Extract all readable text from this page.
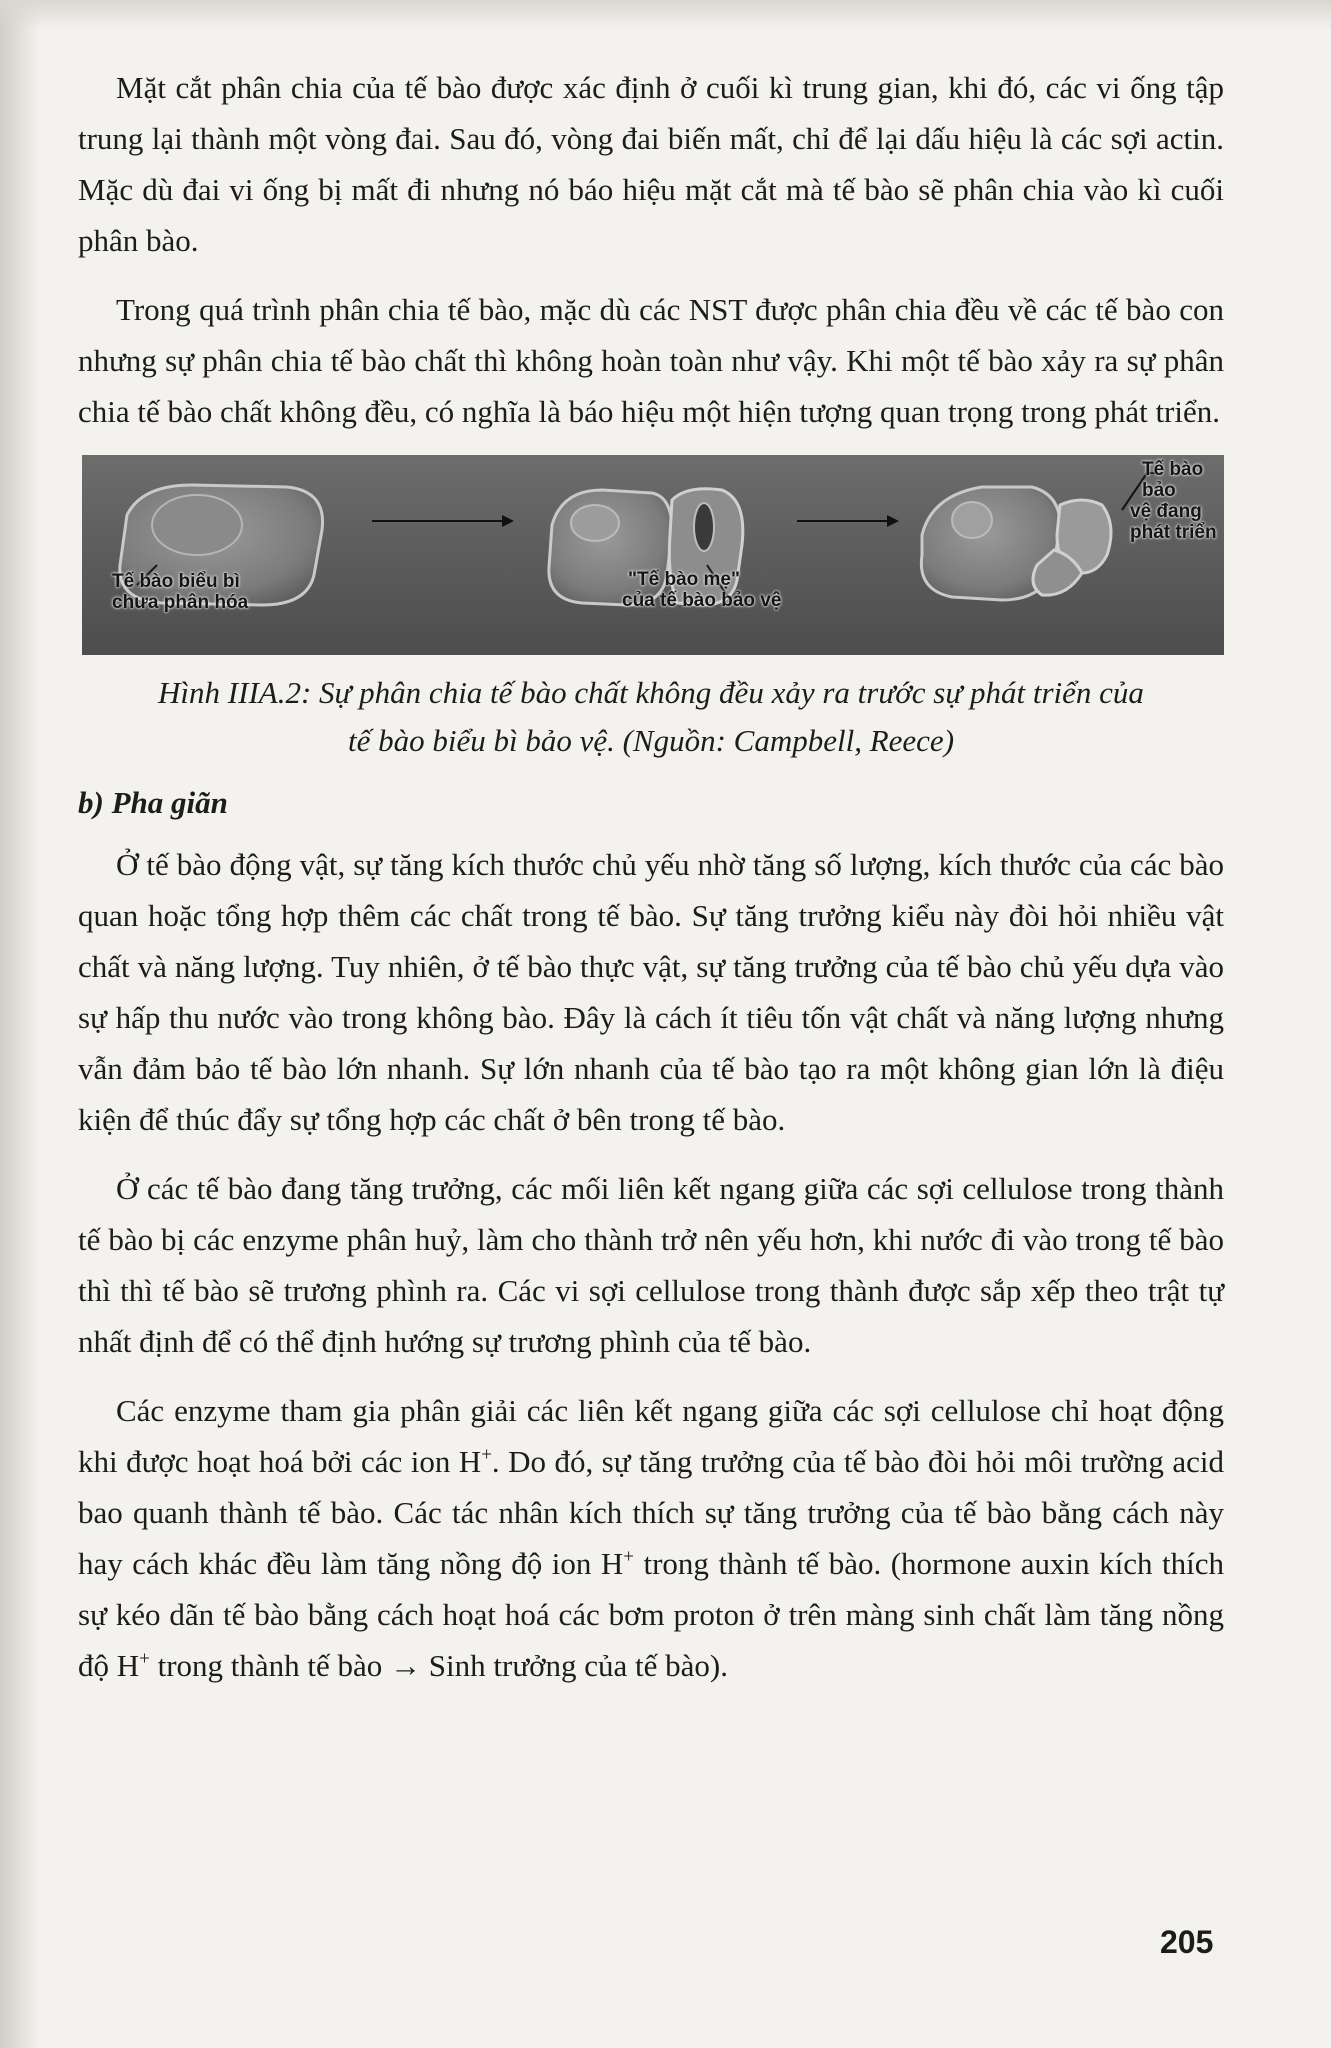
Mặt cắt phân chia của tế bào được xác định ở cuối kì trung gian, khi đó, các vi ống tập trung lại thành một vòng đai. Sau đó, vòng đai biến mất, chỉ để lại dấu hiệu là các sợi actin. Mặc dù đai vi ống bị mất đi nhưng nó báo hiệu mặt cắt mà tế bào sẽ phân chia vào kì cuối phân bào.

Trong quá trình phân chia tế bào, mặc dù các NST được phân chia đều về các tế bào con nhưng sự phân chia tế bào chất thì không hoàn toàn như vậy. Khi một tế bào xảy ra sự phân chia tế bào chất không đều, có nghĩa là báo hiệu một hiện tượng quan trọng trong phát triển.

Tế bào biểu bì
chưa phân hóa
"Tế bào mẹ"
của tế bào bảo vệ
Tế bào bảo
vệ đang
phát triển
Hình IIIA.2: Sự phân chia tế bào chất không đều xảy ra trước sự phát triển của
tế bào biểu bì bảo vệ. (Nguồn: Campbell, Reece)
b) Pha giãn

Ở tế bào động vật, sự tăng kích thước chủ yếu nhờ tăng số lượng, kích thước của các bào quan hoặc tổng hợp thêm các chất trong tế bào. Sự tăng trưởng kiểu này đòi hỏi nhiều vật chất và năng lượng. Tuy nhiên, ở tế bào thực vật, sự tăng trưởng của tế bào chủ yếu dựa vào sự hấp thu nước vào trong không bào. Đây là cách ít tiêu tốn vật chất và năng lượng nhưng vẫn đảm bảo tế bào lớn nhanh. Sự lớn nhanh của tế bào tạo ra một không gian lớn là điệu kiện để thúc đẩy sự tổng hợp các chất ở bên trong tế bào.

Ở các tế bào đang tăng trưởng, các mối liên kết ngang giữa các sợi cellulose trong thành tế bào bị các enzyme phân huỷ, làm cho thành trở nên yếu hơn, khi nước đi vào trong tế bào thì thì tế bào sẽ trương phình ra. Các vi sợi cellulose trong thành được sắp xếp theo trật tự nhất định để có thể định hướng sự trương phình của tế bào.

Các enzyme tham gia phân giải các liên kết ngang giữa các sợi cellulose chỉ hoạt động khi được hoạt hoá bởi các ion H+. Do đó, sự tăng trưởng của tế bào đòi hỏi môi trường acid bao quanh thành tế bào. Các tác nhân kích thích sự tăng trưởng của tế bào bằng cách này hay cách khác đều làm tăng nồng độ ion H+ trong thành tế bào. (hormone auxin kích thích sự kéo dãn tế bào bằng cách hoạt hoá các bơm proton ở trên màng sinh chất làm tăng nồng độ H+ trong thành tế bào → Sinh trưởng của tế bào).

205
